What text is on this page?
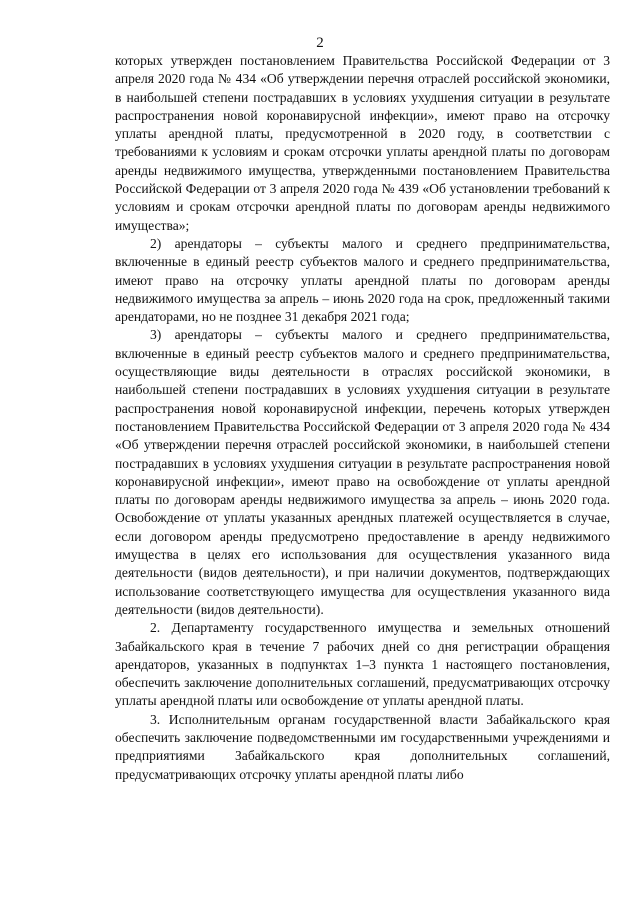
2

которых утвержден постановлением Правительства Российской Федерации от 3 апреля 2020 года № 434 «Об утверждении перечня отраслей российской экономики, в наибольшей степени пострадавших в условиях ухудшения ситуации в результате распространения новой коронавирусной инфекции», имеют право на отсрочку уплаты арендной платы, предусмотренной в 2020 году, в соответствии с требованиями к условиям и срокам отсрочки уплаты арендной платы по договорам аренды недвижимого имущества, утвержденными постановлением Правительства Российской Федерации от 3 апреля 2020 года № 439 «Об установлении требований к условиям и срокам отсрочки арендной платы по договорам аренды недвижимого имущества»;

2) арендаторы – субъекты малого и среднего предпринимательства, включенные в единый реестр субъектов малого и среднего предпринимательства, имеют право на отсрочку уплаты арендной платы по договорам аренды недвижимого имущества за апрель – июнь 2020 года на срок, предложенный такими арендаторами, но не позднее 31 декабря 2021 года;

3) арендаторы – субъекты малого и среднего предпринимательства, включенные в единый реестр субъектов малого и среднего предпринимательства, осуществляющие виды деятельности в отраслях российской экономики, в наибольшей степени пострадавших в условиях ухудшения ситуации в результате распространения новой коронавирусной инфекции, перечень которых утвержден постановлением Правительства Российской Федерации от 3 апреля 2020 года № 434 «Об утверждении перечня отраслей российской экономики, в наибольшей степени пострадавших в условиях ухудшения ситуации в результате распространения новой коронавирусной инфекции», имеют право на освобождение от уплаты арендной платы по договорам аренды недвижимого имущества за апрель – июнь 2020 года. Освобождение от уплаты указанных арендных платежей осуществляется в случае, если договором аренды предусмотрено предоставление в аренду недвижимого имущества в целях его использования для осуществления указанного вида деятельности (видов деятельности), и при наличии документов, подтверждающих использование соответствующего имущества для осуществления указанного вида деятельности (видов деятельности).

2. Департаменту государственного имущества и земельных отношений Забайкальского края в течение 7 рабочих дней со дня регистрации обращения арендаторов, указанных в подпунктах 1–3 пункта 1 настоящего постановления, обеспечить заключение дополнительных соглашений, предусматривающих отсрочку уплаты арендной платы или освобождение от уплаты арендной платы.

3. Исполнительным органам государственной власти Забайкальского края обеспечить заключение подведомственными им государственными учреждениями и предприятиями Забайкальского края дополнительных соглашений, предусматривающих отсрочку уплаты арендной платы либо
